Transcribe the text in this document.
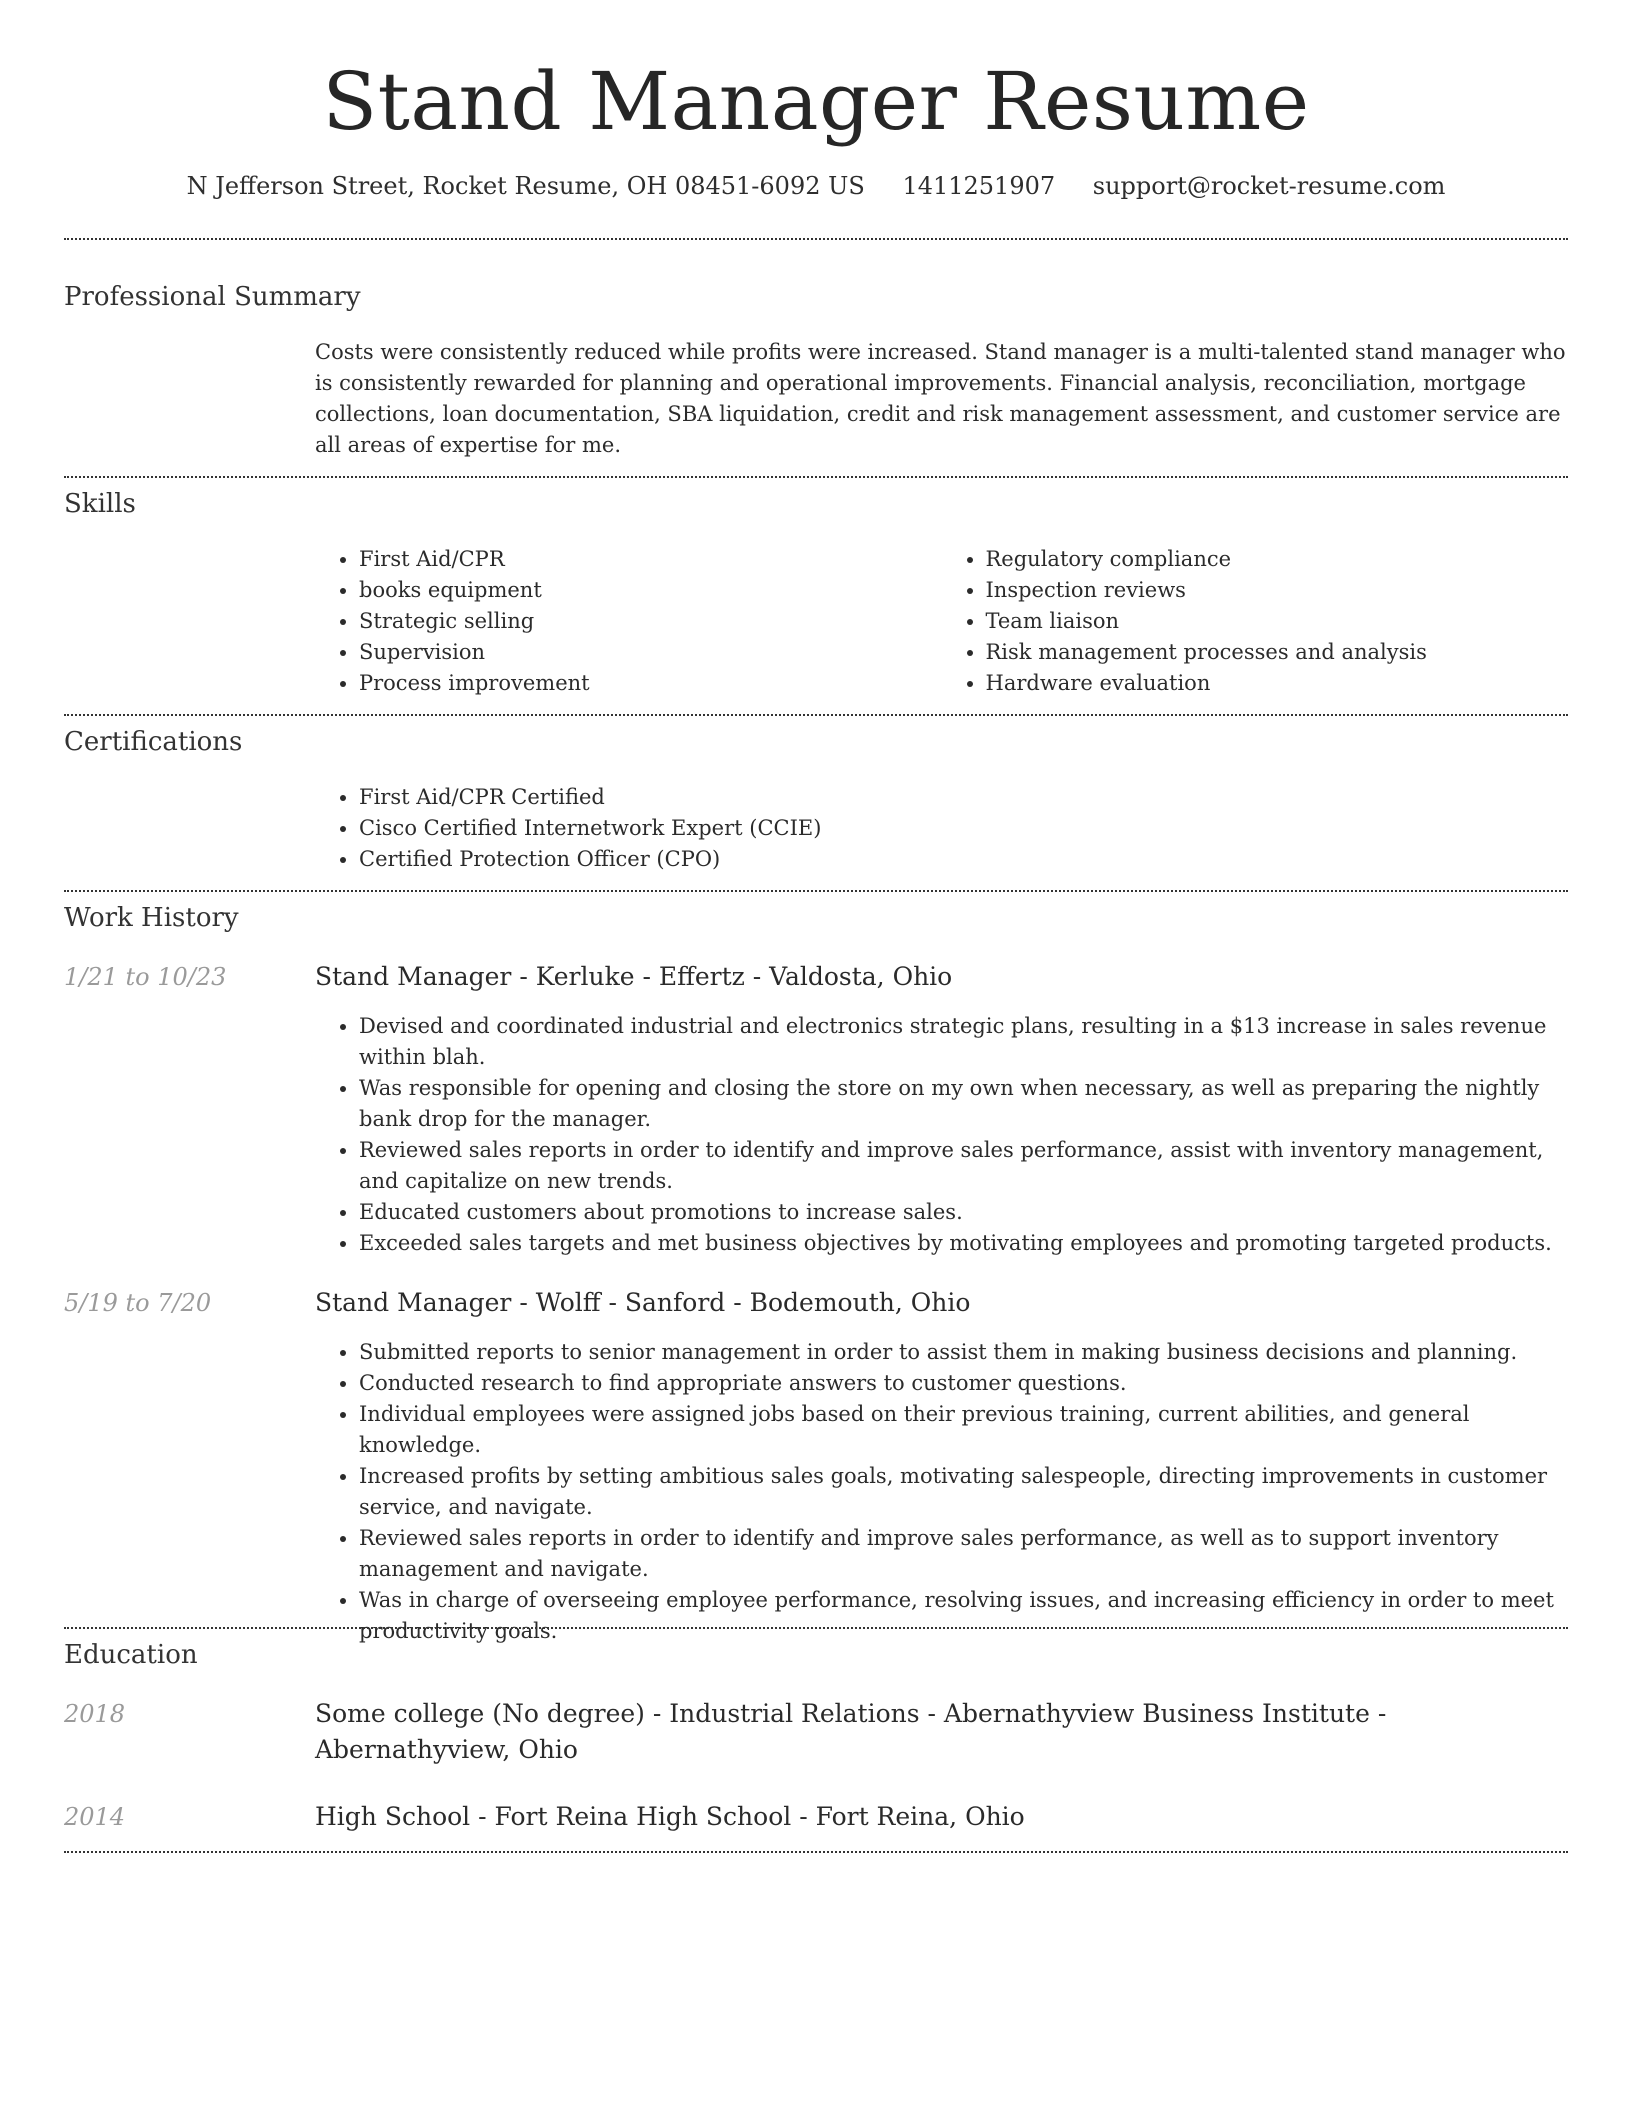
Stand Manager Resume
N Jefferson Street, Rocket Resume, OH 08451-6092 US 1411251907 support@rocket-resume.com
Professional Summary

Costs were consistently reduced while profits were increased. Stand manager is a multi-talented stand manager who is consistently rewarded for planning and operational improvements. Financial analysis, reconciliation, mortgage collections, loan documentation, SBA liquidation, credit and risk management assessment, and customer service are all areas of expertise for me.

Skills
• First Aid/CPR
• books equipment
• Strategic selling
• Supervision
• Process improvement
• Regulatory compliance
• Inspection reviews
• Team liaison
• Risk management processes and analysis
• Hardware evaluation
Certifications
• First Aid/CPR Certified
• Cisco Certified Internetwork Expert (CCIE)
• Certified Protection Officer (CPO)
Work History
1/21 to 10/23	Stand Manager - Kerluke - Effertz - Valdosta, Ohio
• Devised and coordinated industrial and electronics strategic plans, resulting in a $13 increase in sales revenue within blah.
• Was responsible for opening and closing the store on my own when necessary, as well as preparing the nightly bank drop for the manager.
• Reviewed sales reports in order to identify and improve sales performance, assist with inventory management, and capitalize on new trends.
• Educated customers about promotions to increase sales.
• Exceeded sales targets and met business objectives by motivating employees and promoting targeted products.
5/19 to 7/20	Stand Manager - Wolff - Sanford - Bodemouth, Ohio
• Submitted reports to senior management in order to assist them in making business decisions and planning.
• Conducted research to find appropriate answers to customer questions.
• Individual employees were assigned jobs based on their previous training, current abilities, and general knowledge.
• Increased profits by setting ambitious sales goals, motivating salespeople, directing improvements in customer service, and navigate.
• Reviewed sales reports in order to identify and improve sales performance, as well as to support inventory management and navigate.
• Was in charge of overseeing employee performance, resolving issues, and increasing efficiency in order to meet productivity goals.
Education
2018	Some college (No degree) - Industrial Relations - Abernathyview Business Institute - Abernathyview, Ohio
2014	High School - Fort Reina High School - Fort Reina, Ohio
